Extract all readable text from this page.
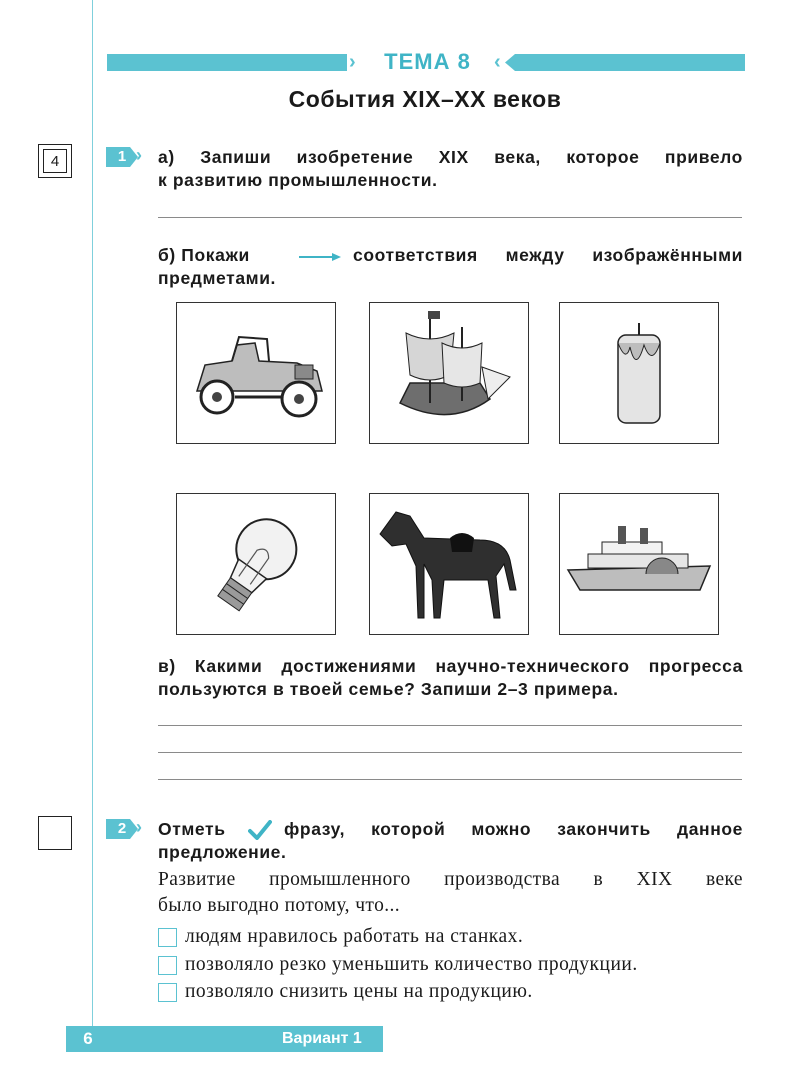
›	ТЕМА 8	‹
События XIX–XX веков
4	1 › а) Запиши изобретение XIX века, которое привело
к развитию промышленности.
б) Покажи	соответствия между изображёнными
предметами.
в) Какими достижениями научно-технического прогресса
пользуются в твоей семье? Запиши 2–3 примера.
2 › Отметь	фразу, которой можно закончить данное
предложение.
Развитие промышленного производства в XIX веке
было выгодно потому, что...
людям нравилось работать на станках.
позволяло резко уменьшить количество продукции.
позволяло снизить цены на продукцию.
6	Вариант 1
